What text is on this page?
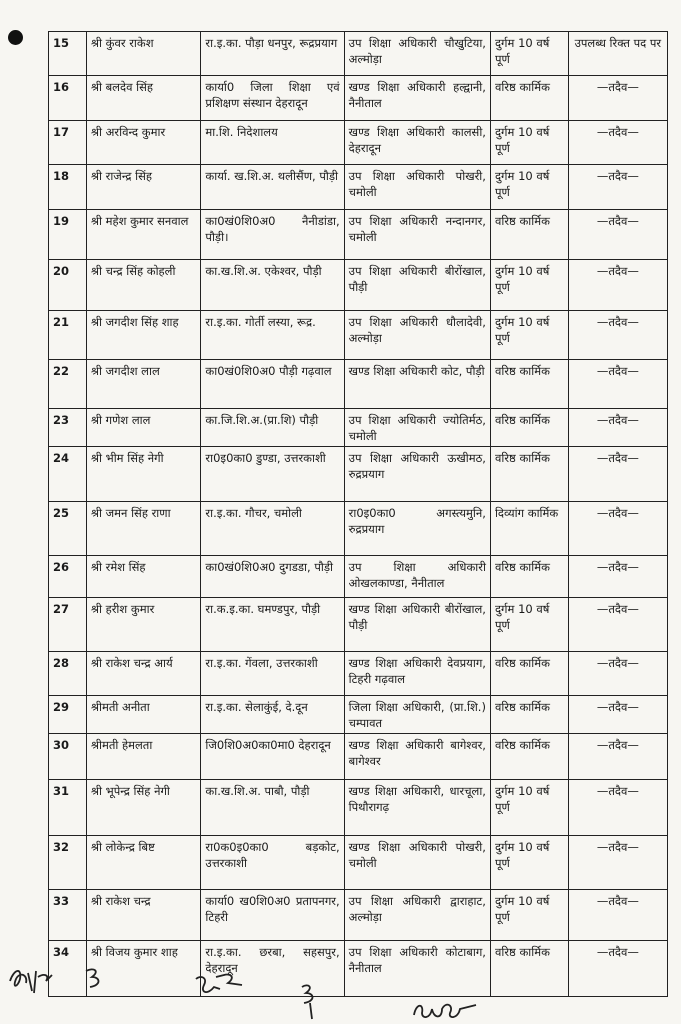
15	श्री कुंवर राकेश	रा.इ.का. पौड़ा धनपुर, रूद्रप्रयाग	उप शिक्षा अधिकारी चौखुटिया, अल्मोड़ा	दुर्गम 10 वर्ष पूर्ण	उपलब्ध रिक्त पद पर
16	श्री बलदेव सिंह	कार्या0 जिला शिक्षा एवं प्रशिक्षण संस्थान देहरादून	खण्ड शिक्षा अधिकारी हल्द्वानी, नैनीताल	वरिष्ठ कार्मिक	—तदैव—
17	श्री अरविन्द कुमार	मा.शि. निदेशालय	खण्ड शिक्षा अधिकारी कालसी, देहरादून	दुर्गम 10 वर्ष पूर्ण	—तदैव—
18	श्री राजेन्द्र सिंह	कार्या. ख.शि.अ. थलीसैंण, पौड़ी	उप शिक्षा अधिकारी पोखरी, चमोली	दुर्गम 10 वर्ष पूर्ण	—तदैव—
19	श्री महेश कुमार सनवाल	का0खं0शि0अ0 नैनीडांडा, पौड़ी।	उप शिक्षा अधिकारी नन्दानगर, चमोली	वरिष्ठ कार्मिक	—तदैव—
20	श्री चन्द्र सिंह कोहली	का.ख.शि.अ. एकेश्वर, पौड़ी	उप शिक्षा अधिकारी बीरोंखाल, पौड़ी	दुर्गम 10 वर्ष पूर्ण	—तदैव—
21	श्री जगदीश सिंह शाह	रा.इ.का. गोर्ती लस्या, रूद्र.	उप शिक्षा अधिकारी धौलादेवी, अल्मोड़ा	दुर्गम 10 वर्ष पूर्ण	—तदैव—
22	श्री जगदीश लाल	का0खं0शि0अ0 पौड़ी गढ़वाल	खण्ड शिक्षा अधिकारी कोट, पौड़ी	वरिष्ठ कार्मिक	—तदैव—
23	श्री गणेश लाल	का.जि.शि.अ.(प्रा.शि) पौड़ी	उप शिक्षा अधिकारी ज्योतिर्मठ, चमोली	वरिष्ठ कार्मिक	—तदैव—
24	श्री भीम सिंह नेगी	रा0इ0का0 डुण्डा, उत्तरकाशी	उप शिक्षा अधिकारी ऊखीमठ, रुद्रप्रयाग	वरिष्ठ कार्मिक	—तदैव—
25	श्री जमन सिंह राणा	रा.इ.का. गौचर, चमोली	रा0इ0का0 अगस्त्यमुनि, रुद्रप्रयाग	दिव्यांग कार्मिक	—तदैव—
26	श्री रमेश सिंह	का0खं0शि0अ0 दुगडडा, पौड़ी	उप शिक्षा अधिकारी ओखलकाण्डा, नैनीताल	वरिष्ठ कार्मिक	—तदैव—
27	श्री हरीश कुमार	रा.क.इ.का. घमण्डपुर, पौड़ी	खण्ड शिक्षा अधिकारी बीरोंखाल, पौड़ी	दुर्गम 10 वर्ष पूर्ण	—तदैव—
28	श्री राकेश चन्द्र आर्य	रा.इ.का. गेंवला, उत्तरकाशी	खण्ड शिक्षा अधिकारी देवप्रयाग, टिहरी गढ़वाल	वरिष्ठ कार्मिक	—तदैव—
29	श्रीमती अनीता	रा.इ.का. सेलाकुंई, दे.दून	जिला शिक्षा अधिकारी, (प्रा.शि.) चम्पावत	वरिष्ठ कार्मिक	—तदैव—
30	श्रीमती हेमलता	जि0शि0अ0का0मा0 देहरादून	खण्ड शिक्षा अधिकारी बागेश्वर, बागेश्वर	वरिष्ठ कार्मिक	—तदैव—
31	श्री भूपेन्द्र सिंह नेगी	का.ख.शि.अ. पाबौ, पौड़ी	खण्ड शिक्षा अधिकारी, धारचूला, पिथौरागढ़	दुर्गम 10 वर्ष पूर्ण	—तदैव—
32	श्री लोकेन्द्र बिष्ट	रा0क0इ0का0 बड़कोट, उत्तरकाशी	खण्ड शिक्षा अधिकारी पोखरी, चमोली	दुर्गम 10 वर्ष पूर्ण	—तदैव—
33	श्री राकेश चन्द्र	कार्या0 ख0शि0अ0 प्रतापनगर, टिहरी	उप शिक्षा अधिकारी द्वाराहाट, अल्मोड़ा	दुर्गम 10 वर्ष पूर्ण	—तदैव—
34	श्री विजय कुमार शाह	रा.इ.का. छरबा, सहसपुर, देहरादून	उप शिक्षा अधिकारी कोटाबाग, नैनीताल	वरिष्ठ कार्मिक	—तदैव—
